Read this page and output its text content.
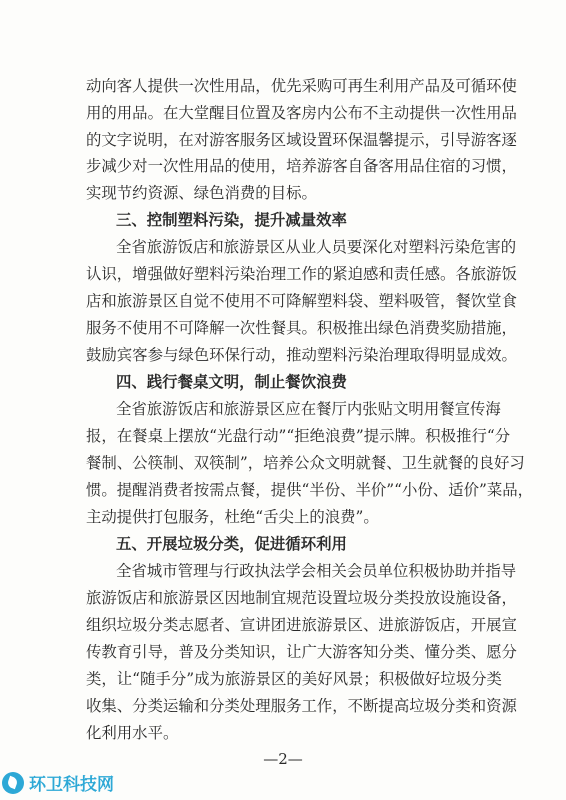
动向客人提供一次性用品，优先采购可再生利用产品及可循环使
用的用品。在大堂醒目位置及客房内公布不主动提供一次性用品
的文字说明，在对游客服务区域设置环保温馨提示，引导游客逐
步减少对一次性用品的使用，培养游客自备客用品住宿的习惯，
实现节约资源、绿色消费的目标。
三、控制塑料污染，提升减量效率
全省旅游饭店和旅游景区从业人员要深化对塑料污染危害的
认识，增强做好塑料污染治理工作的紧迫感和责任感。各旅游饭
店和旅游景区自觉不使用不可降解塑料袋、塑料吸管，餐饮堂食
服务不使用不可降解一次性餐具。积极推出绿色消费奖励措施，
鼓励宾客参与绿色环保行动，推动塑料污染治理取得明显成效。
四、践行餐桌文明，制止餐饮浪费
全省旅游饭店和旅游景区应在餐厅内张贴文明用餐宣传海
报，在餐桌上摆放“光盘行动”“拒绝浪费”提示牌。积极推行“分
餐制、公筷制、双筷制”，培养公众文明就餐、卫生就餐的良好习
惯。提醒消费者按需点餐，提供“半份、半价”“小份、适价”菜品，
主动提供打包服务，杜绝“舌尖上的浪费”。
五、开展垃圾分类，促进循环利用
全省城市管理与行政执法学会相关会员单位积极协助并指导
旅游饭店和旅游景区因地制宜规范设置垃圾分类投放设施设备，
组织垃圾分类志愿者、宣讲团进旅游景区、进旅游饭店，开展宣
传教育引导，普及分类知识，让广大游客知分类、懂分类、愿分
类，让“随手分”成为旅游景区的美好风景；积极做好垃圾分类
收集、分类运输和分类处理服务工作，不断提高垃圾分类和资源
化利用水平。
—2—
环卫科技网
